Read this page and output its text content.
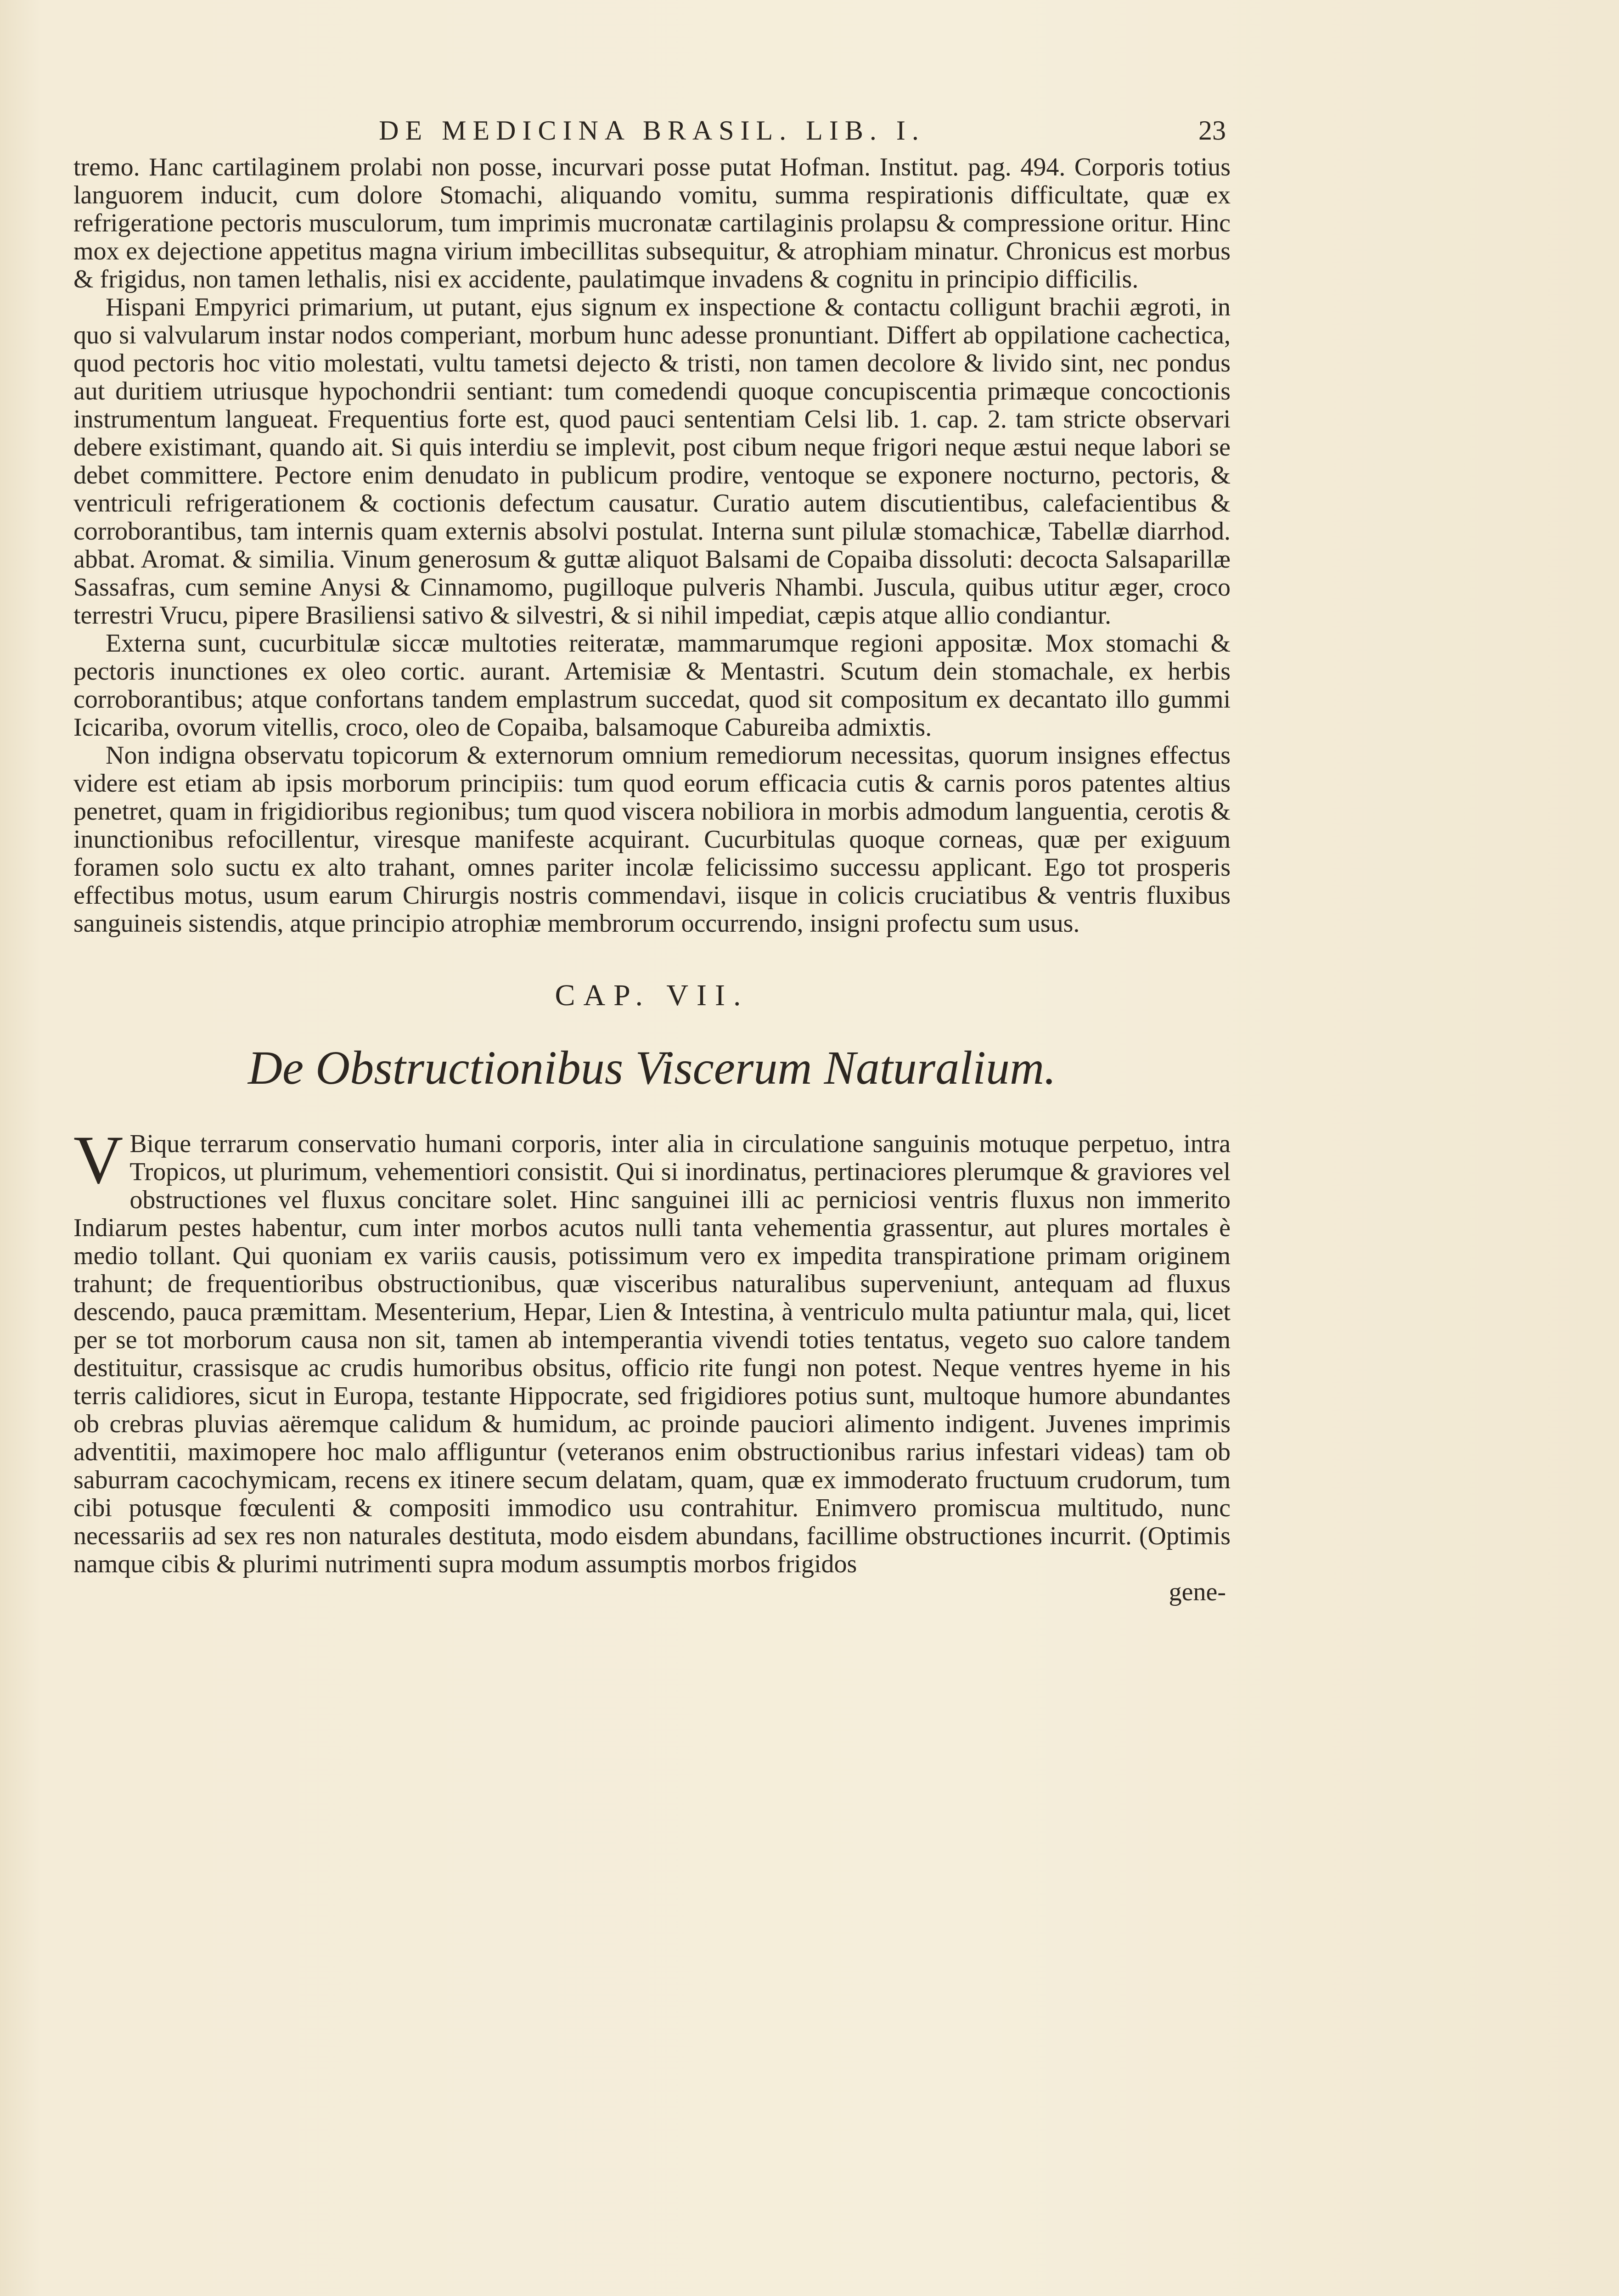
DE MEDICINA BRASIL. LIB. I.	23

tremo. Hanc cartilaginem prolabi non posse, incurvari posse putat Hofman. Institut. pag. 494. Corporis totius languorem inducit, cum dolore Stomachi, aliquando vomitu, summa respirationis difficultate, quæ ex refrigeratione pectoris musculorum, tum imprimis mucronatæ cartilaginis prolapsu & compressione oritur. Hinc mox ex dejectione appetitus magna virium imbecillitas subsequitur, & atrophiam minatur. Chronicus est morbus & frigidus, non tamen lethalis, nisi ex accidente, paulatimque invadens & cognitu in principio difficilis.

Hispani Empyrici primarium, ut putant, ejus signum ex inspectione & contactu colligunt brachii ægroti, in quo si valvularum instar nodos comperiant, morbum hunc adesse pronuntiant. Differt ab oppilatione cachectica, quod pectoris hoc vitio molestati, vultu tametsi dejecto & tristi, non tamen decolore & livido sint, nec pondus aut duritiem utriusque hypochondrii sentiant: tum comedendi quoque concupiscentia primæque concoctionis instrumentum langueat. Frequentius forte est, quod pauci sententiam Celsi lib. 1. cap. 2. tam stricte observari debere existimant, quando ait. Si quis interdiu se implevit, post cibum neque frigori neque æstui neque labori se debet committere. Pectore enim denudato in publicum prodire, ventoque se exponere nocturno, pectoris, & ventriculi refrigerationem & coctionis defectum causatur. Curatio autem discutientibus, calefacientibus & corroborantibus, tam internis quam externis absolvi postulat. Interna sunt pilulæ stomachicæ, Tabellæ diarrhod. abbat. Aromat. & similia. Vinum generosum & guttæ aliquot Balsami de Copaiba dissoluti: decocta Salsaparillæ Sassafras, cum semine Anysi & Cinnamomo, pugilloque pulveris Nhambi. Juscula, quibus utitur æger, croco terrestri Vrucu, pipere Brasiliensi sativo & silvestri, & si nihil impediat, cæpis atque allio condiantur.

Externa sunt, cucurbitulæ siccæ multoties reiteratæ, mammarumque regioni appositæ. Mox stomachi & pectoris inunctiones ex oleo cortic. aurant. Artemisiæ & Mentastri. Scutum dein stomachale, ex herbis corroborantibus; atque confortans tandem emplastrum succedat, quod sit compositum ex decantato illo gummi Icicariba, ovorum vitellis, croco, oleo de Copaiba, balsamoque Cabureiba admixtis.

Non indigna observatu topicorum & externorum omnium remediorum necessitas, quorum insignes effectus videre est etiam ab ipsis morborum principiis: tum quod eorum efficacia cutis & carnis poros patentes altius penetret, quam in frigidioribus regionibus; tum quod viscera nobiliora in morbis admodum languentia, cerotis & inunctionibus refocillentur, viresque manifeste acquirant. Cucurbitulas quoque corneas, quæ per exiguum foramen solo suctu ex alto trahant, omnes pariter incolæ felicissimo successu applicant. Ego tot prosperis effectibus motus, usum earum Chirurgis nostris commendavi, iisque in colicis cruciatibus & ventris fluxibus sanguineis sistendis, atque principio atrophiæ membrorum occurrendo, insigni profectu sum usus.

CAP. VII.
De Obstructionibus Viscerum Naturalium.

V Bique terrarum conservatio humani corporis, inter alia in circulatione sanguinis motuque perpetuo, intra Tropicos, ut plurimum, vehementiori consistit. Qui si inordinatus, pertinaciores plerumque & graviores vel obstructiones vel fluxus concitare solet. Hinc sanguinei illi ac perniciosi ventris fluxus non immerito Indiarum pestes habentur, cum inter morbos acutos nulli tanta vehementia grassentur, aut plures mortales è medio tollant. Qui quoniam ex variis causis, potissimum vero ex impedita transpiratione primam originem trahunt; de frequentioribus obstructionibus, quæ visceribus naturalibus superveniunt, antequam ad fluxus descendo, pauca præmittam. Mesenterium, Hepar, Lien & Intestina, à ventriculo multa patiuntur mala, qui, licet per se tot morborum causa non sit, tamen ab intemperantia vivendi toties tentatus, vegeto suo calore tandem destituitur, crassisque ac crudis humoribus obsitus, officio rite fungi non potest. Neque ventres hyeme in his terris calidiores, sicut in Europa, testante Hippocrate, sed frigidiores potius sunt, multoque humore abundantes ob crebras pluvias aëremque calidum & humidum, ac proinde pauciori alimento indigent. Juvenes imprimis adventitii, maximopere hoc malo affliguntur (veteranos enim obstructionibus rarius infestari videas) tam ob saburram cacochymicam, recens ex itinere secum delatam, quam, quæ ex immoderato fructuum crudorum, tum cibi potusque fœculenti & compositi immodico usu contrahitur. Enimvero promiscua multitudo, nunc necessariis ad sex res non naturales destituta, modo eisdem abundans, facillime obstructiones incurrit. (Optimis namque cibis & plurimi nutrimenti supra modum assumptis morbos frigidos

gene-
